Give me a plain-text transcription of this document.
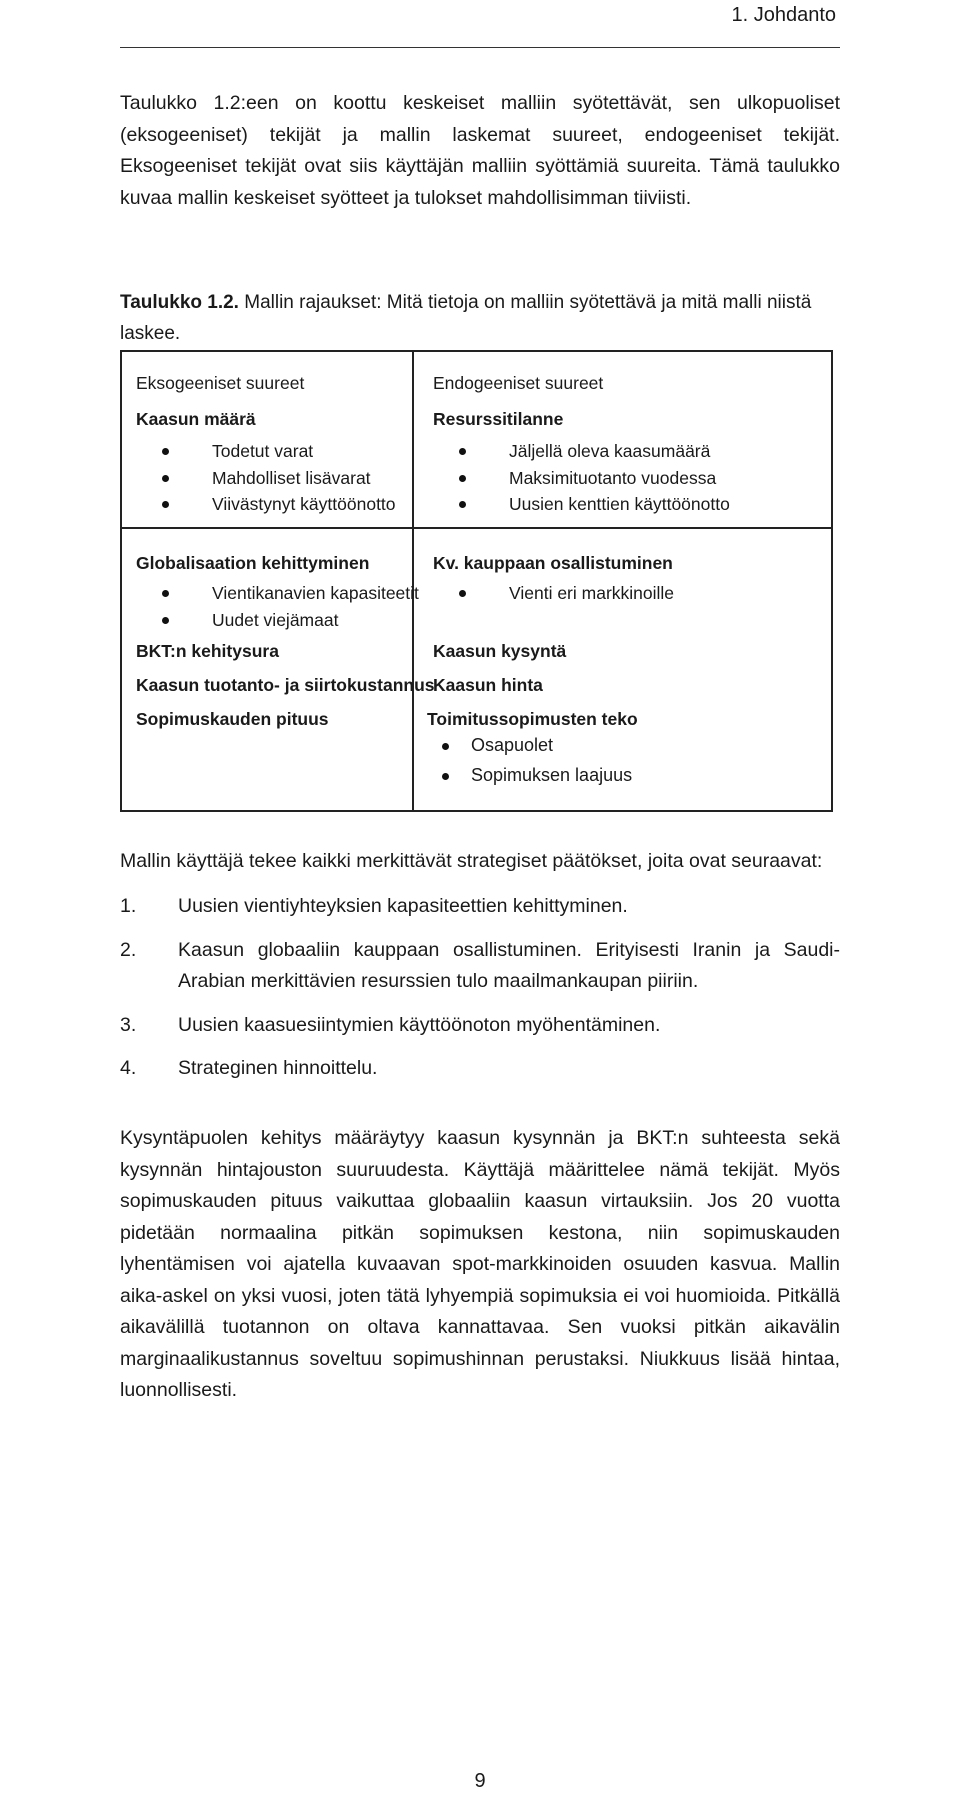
1. Johdanto

Taulukko 1.2:een on koottu keskeiset malliin syötettävät, sen ulkopuoliset (eksogeeniset) tekijät ja mallin laskemat suureet, endogeeniset tekijät. Eksogeeniset tekijät ovat siis käyttäjän malliin syöttämiä suureita. Tämä taulukko kuvaa mallin keskeiset syötteet ja tulokset mahdollisimman tiiviisti.

Taulukko 1.2. Mallin rajaukset: Mitä tietoja on malliin syötettävä ja mitä malli niistä laskee.
Eksogeeniset suureet
Kaasun määrä
Todetut varat
Mahdolliset lisävarat
Viivästynyt käyttöönotto
Endogeeniset suureet
Resurssitilanne
Jäljellä oleva kaasumäärä
Maksimituotanto vuodessa
Uusien kenttien käyttöönotto
Globalisaation kehittyminen
Vientikanavien kapasiteetit
Uudet viejämaat
BKT:n kehitysura
Kaasun tuotanto- ja siirtokustannus
Sopimuskauden pituus
Kv. kauppaan osallistuminen
Vienti eri markkinoille
Kaasun kysyntä
Kaasun hinta
Toimitussopimusten teko
Osapuolet
Sopimuksen laajuus

Mallin käyttäjä tekee kaikki merkittävät strategiset päätökset, joita ovat seuraavat:

1. Uusien vientiyhteyksien kapasiteettien kehittyminen.
2. Kaasun globaaliin kauppaan osallistuminen. Erityisesti Iranin ja Saudi-Arabian merkittävien resurssien tulo maailmankaupan piiriin.
3. Uusien kaasuesiintymien käyttöönoton myöhentäminen.
4. Strateginen hinnoittelu.

Kysyntäpuolen kehitys määräytyy kaasun kysynnän ja BKT:n suhteesta sekä kysynnän hintajouston suuruudesta. Käyttäjä määrittelee nämä tekijät. Myös sopimuskauden pituus vaikuttaa globaaliin kaasun virtauksiin. Jos 20 vuotta pidetään normaalina pitkän sopimuksen kestona, niin sopimuskauden lyhentämisen voi ajatella kuvaavan spot-markkinoiden osuuden kasvua. Mallin aika-askel on yksi vuosi, joten tätä lyhyempiä sopimuksia ei voi huomioida. Pitkällä aikavälillä tuotannon on oltava kannattavaa. Sen vuoksi pitkän aikavälin marginaalikustannus soveltuu sopimushinnan perustaksi. Niukkuus lisää hintaa, luonnollisesti.

9
